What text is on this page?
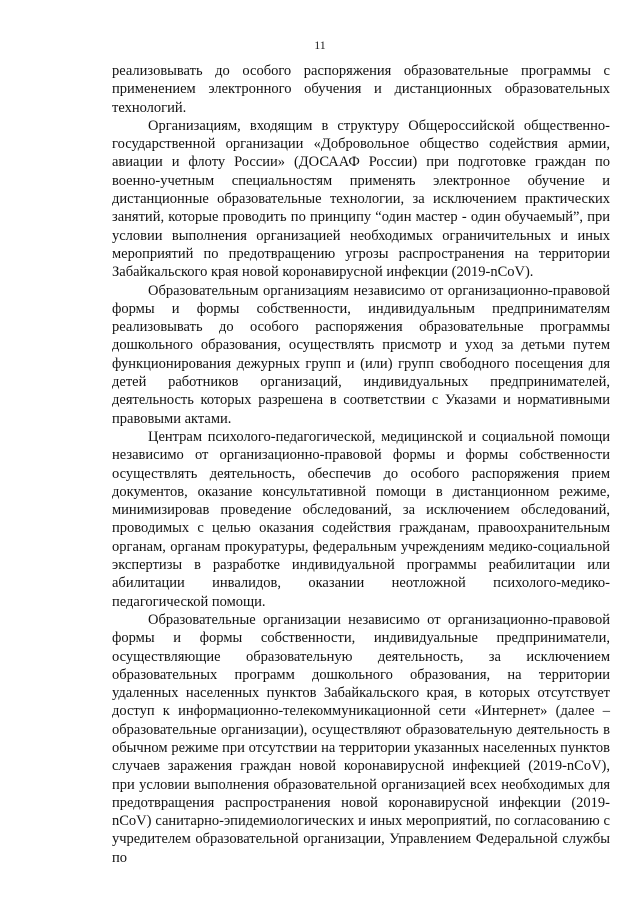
11

реализовывать до особого распоряжения образовательные программы с применением электронного обучения и дистанционных образовательных технологий.

Организациям, входящим в структуру Общероссийской общественно-государственной организации «Добровольное общество содействия армии, авиации и флоту России» (ДОСААФ России) при подготовке граждан по военно-учетным специальностям применять электронное обучение и дистанционные образовательные технологии, за исключением практических занятий, которые проводить по принципу “один мастер - один обучаемый”, при условии выполнения организацией необходимых ограничительных и иных мероприятий по предотвращению угрозы распространения на территории Забайкальского края новой коронавирусной инфекции (2019-nCoV).

Образовательным организациям независимо от организационно-правовой формы и формы собственности, индивидуальным предпринимателям реализовывать до особого распоряжения образовательные программы дошкольного образования, осуществлять присмотр и уход за детьми путем функционирования дежурных групп и (или) групп свободного посещения для детей работников организаций, индивидуальных предпринимателей, деятельность которых разрешена в соответствии с Указами и нормативными правовыми актами.

Центрам психолого-педагогической, медицинской и социальной помощи независимо от организационно-правовой формы и формы собственности осуществлять деятельность, обеспечив до особого распоряжения прием документов, оказание консультативной помощи в дистанционном режиме, минимизировав проведение обследований, за исключением обследований, проводимых с целью оказания содействия гражданам, правоохранительным органам, органам прокуратуры, федеральным учреждениям медико-социальной экспертизы в разработке индивидуальной программы реабилитации или абилитации инвалидов, оказании неотложной психолого-медико-педагогической помощи.

Образовательные организации независимо от организационно-правовой формы и формы собственности, индивидуальные предприниматели, осуществляющие образовательную деятельность, за исключением образовательных программ дошкольного образования, на территории удаленных населенных пунктов Забайкальского края, в которых отсутствует доступ к информационно-телекоммуникационной сети «Интернет» (далее – образовательные организации), осуществляют образовательную деятельность в обычном режиме при отсутствии на территории указанных населенных пунктов случаев заражения граждан новой коронавирусной инфекцией (2019-nCoV), при условии выполнения образовательной организацией всех необходимых для предотвращения распространения новой коронавирусной инфекции (2019-nCoV) санитарно-эпидемиологических и иных мероприятий, по согласованию с учредителем образовательной организации, Управлением Федеральной службы по
